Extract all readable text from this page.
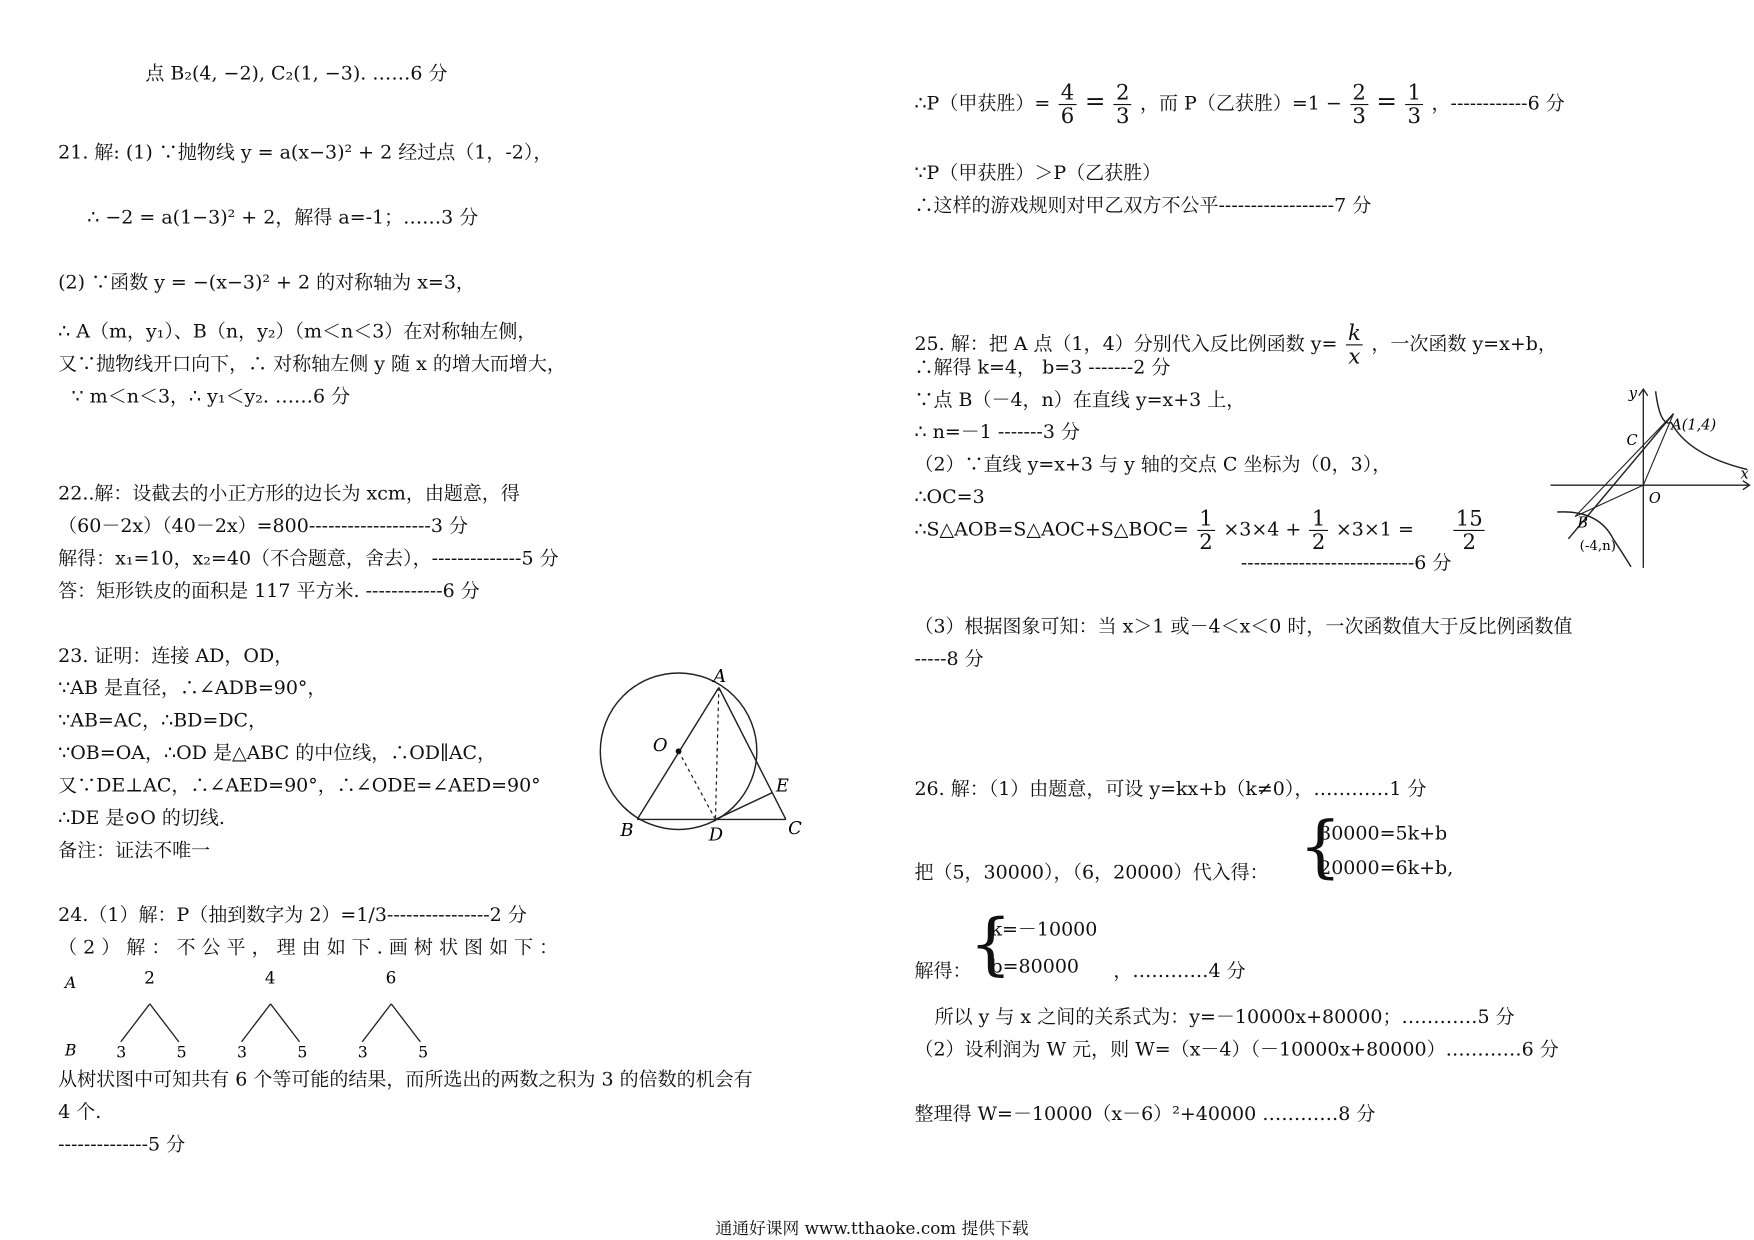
点 B₂(4, −2), C₂(1, −3). ……6 分
21. 解: (1) ∵抛物线 y = a(x−3)² + 2 经过点（1，-2），
∴ −2 = a(1−3)² + 2，解得 a=-1；……3 分
(2) ∵函数 y = −(x−3)² + 2 的对称轴为 x=3，
∴ A（m，y₁）、B（n，y₂）（m＜n＜3）在对称轴左侧，
又∵抛物线开口向下，∴ 对称轴左侧 y 随 x 的增大而增大，
∵ m＜n＜3，∴ y₁＜y₂. ……6 分
22..解：设截去的小正方形的边长为 xcm，由题意，得
（60－2x）（40－2x）=800-------------------3 分
解得：x₁=10，x₂=40（不合题意，舍去），--------------5 分
答：矩形铁皮的面积是 117 平方米. ------------6 分
23. 证明：连接 AD，OD，
∵AB 是直径，∴∠ADB=90°，
∵AB=AC，∴BD=DC，
∵OB=OA，∴OD 是△ABC 的中位线，∴OD∥AC，
又∵DE⊥AC，∴∠AED=90°，∴∠ODE=∠AED=90°
∴DE 是⊙O 的切线.
备注：证法不唯一
A
B	C
D
E
O
24.（1）解：P（抽到数字为 2）=1/3----------------2 分
（ 2 ） 解 ： 不 公 平 ， 理 由 如 下 . 画 树 状 图 如 下 ：
A
B
2	4	6
3	5	3	5	3	5
从树状图中可知共有 6 个等可能的结果，而所选出的两数之积为 3 的倍数的机会有
4 个.
--------------5 分
∴P（甲获胜）= $\frac{4}{6} = \frac{2}{3}$ ，而 P（乙获胜）$=1 - \frac{2}{3} = \frac{1}{3}$ ，------------6 分
∵P（甲获胜）＞P（乙获胜）
∴这样的游戏规则对甲乙双方不公平------------------7 分
25. 解：把 A 点（1，4）分别代入反比例函数 $y= \frac{k}{x}$ ，一次函数 y=x+b，
∴解得 k=4， b=3 -------2 分
∵点 B（－4，n）在直线 y=x+3 上，
∴ n=－1 -------3 分
（2）∵直线 y=x+3 与 y 轴的交点 C 坐标为（0，3），
∴OC=3
∴S△AOB=S△AOC+S△BOC= $\frac{1}{2} \times 3\times 4 + \frac{1}{2} \times 3\times 1 = \frac{15}{2}$
---------------------------6 分
y
x
A(1,4)
C
O
B
(-4,n)
（3）根据图象可知：当 x＞1 或－4＜x＜0 时，一次函数值大于反比例函数值
-----8 分
26. 解：（1）由题意，可设 y=kx+b（k≠0），…………1 分
{
30000=5k+b
20000=6k+b,
把（5，30000），（6，20000）代入得：
{
k=－10000
b=80000
解得：	，…………4 分
所以 y 与 x 之间的关系式为：y=－10000x+80000；…………5 分
（2）设利润为 W 元，则 W=（x－4）（－10000x+80000）…………6 分
整理得 W=－10000（x－6）²+40000 …………8 分
通通好课网 www.tthaoke.com 提供下载
